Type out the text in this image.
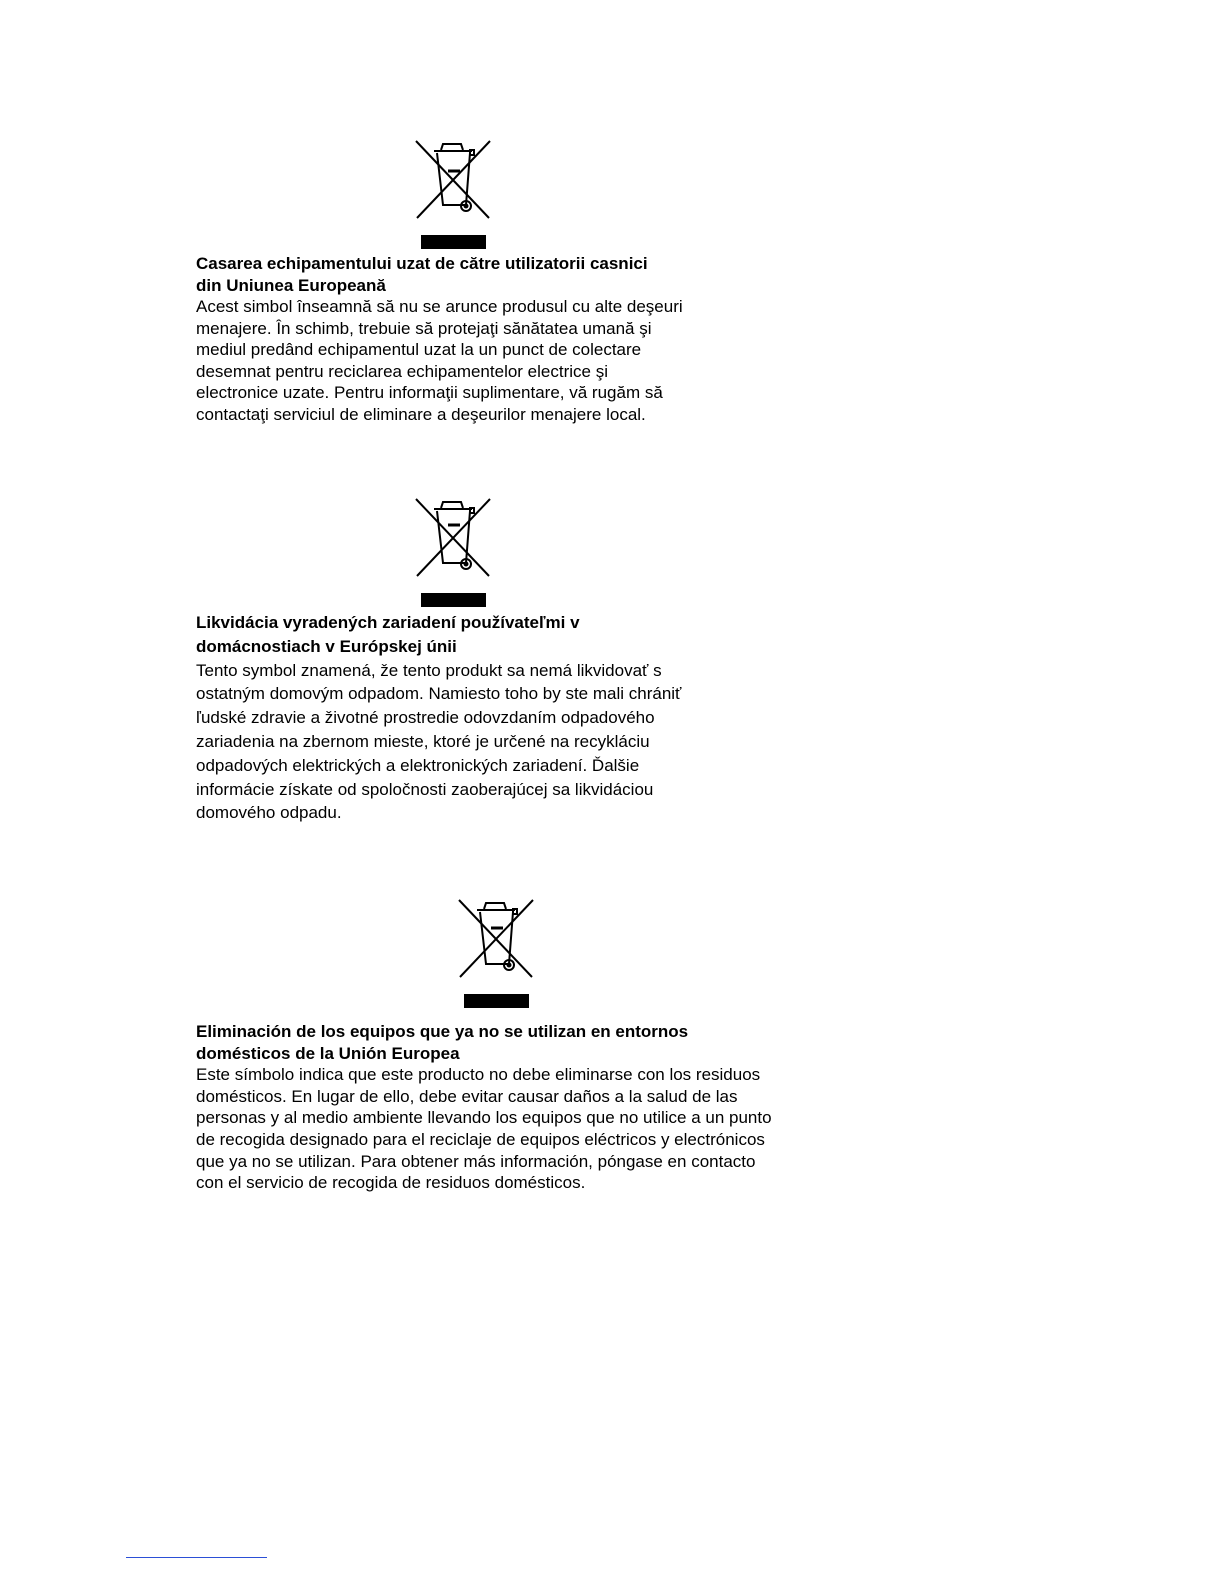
Casarea echipamentului uzat de către utilizatorii casnici

din Uniunea Europeană

Acest simbol înseamnă să nu se arunce produsul cu alte deşeuri

menajere. În schimb, trebuie să protejaţi sănătatea umană şi

mediul predând echipamentul uzat la un punct de colectare

desemnat pentru reciclarea echipamentelor electrice şi

electronice uzate. Pentru informaţii suplimentare, vă rugăm să

contactaţi serviciul de eliminare a deşeurilor menajere local.

Likvidácia vyradených zariadení používateľmi v

domácnostiach v Európskej únii

Tento symbol znamená, že tento produkt sa nemá likvidovať s

ostatným domovým odpadom. Namiesto toho by ste mali chrániť

ľudské zdravie a životné prostredie odovzdaním odpadového

zariadenia na zbernom mieste, ktoré je určené na recykláciu

odpadových elektrických a elektronických zariadení. Ďalšie

informácie získate od spoločnosti zaoberajúcej sa likvidáciou

domového odpadu.

Eliminación de los equipos que ya no se utilizan en entornos

domésticos de la Unión Europea

Este símbolo indica que este producto no debe eliminarse con los residuos

domésticos. En lugar de ello, debe evitar causar daños a la salud de las

personas y al medio ambiente llevando los equipos que no utilice a un punto

de recogida designado para el reciclaje de equipos eléctricos y electrónicos

que ya no se utilizan. Para obtener más información, póngase en contacto

con el servicio de recogida de residuos domésticos.
